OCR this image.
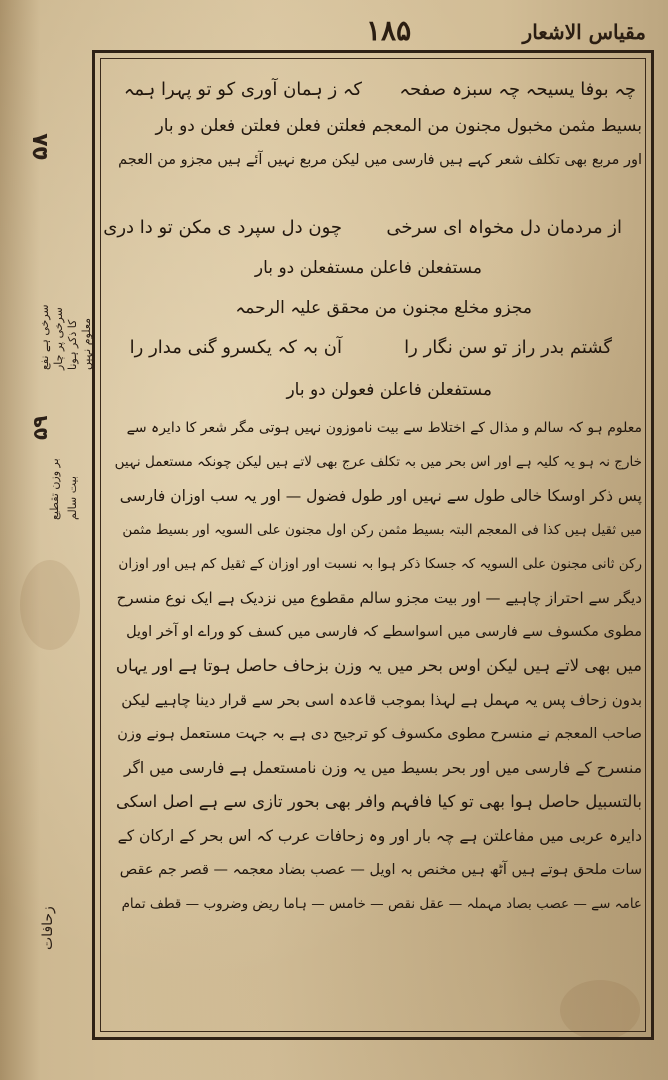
۱۸۵	مقیاس الاشعار
۵۸
سرخی ہے نفع سرخی پر چار کا ذکر ہونا معلوم نہیں
۵۹
بر وزن تقطیع بیت سالم
چہ بوفا یسیحہ چہ سبزہ صفحہ
کہ ز ہمان آوری کو تو پہرا ہمہ
بسیط مثمن مخبول مجنون من المعجم فعلتن فعلن فعلتن فعلن دو بار
اور مربع بھی تکلف شعر کہے ہیں فارسی میں لیکن مربع نہیں آئے ہیں مجزو من العجم
از مردمان دل مخواہ ای سرخی
چون دل سپرد ی مکن تو دا دری
مستفعلن فاعلن مستفعلن دو بار
مجزو مخلع مجنون من محقق علیہ الرحمہ
گشتم بدر راز تو سن نگار را
آن بہ کہ یکسرو گنی مدار را
مستفعلن فاعلن فعولن دو بار
معلوم ہو کہ سالم و مذال کے اختلاط سے بیت ناموزون نہیں ہوتی مگر شعر کا دایرہ سے
خارج نہ ہو یہ کلیہ ہے اور اس بحر میں بہ تکلف عرج بھی لاتے ہیں لیکن چونکہ مستعمل نہیں
پس ذکر اوسکا خالی طول سے نہیں اور طول فضول — اور یہ سب اوزان فارسی
میں ثقیل ہیں کذا فی المعجم البتہ بسیط مثمن رکن اول مجنون علی السویہ اور بسیط مثمن
رکن ثانی مجنون علی السویہ کہ جسکا ذکر ہوا بہ نسبت اور اوزان کے ثقیل کم ہیں اور اوزان
دیگر سے احتراز چاہیے — اور بیت مجزو سالم مقطوع میں نزدیک ہے ایک نوع منسرح
مطوی مکسوف سے فارسی میں اسواسطے کہ فارسی میں کسف کو وراے او آخر اویل
میں بھی لاتے ہیں لیکن اوس بحر میں یہ وزن بزحاف حاصل ہوتا ہے اور یہاں
بدون زحاف پس یہ مہمل ہے لہذا بموجب قاعدہ اسی بحر سے قرار دینا چاہیے لیکن
صاحب المعجم نے منسرح مطوی مکسوف کو ترجیح دی ہے بہ جہت مستعمل ہونے وزن
منسرح کے فارسی میں اور بحر بسیط میں یہ وزن نامستعمل ہے فارسی میں اگر
بالتسبیل حاصل ہوا بھی تو کیا فافہم وافر بھی بحور تازی سے ہے اصل اسکی
دایرہ عربی میں مفاعلتن ہے چہ بار اور وہ زحافات عرب کہ اس بحر کے ارکان کے
سات ملحق ہوتے ہیں آٹھ ہیں مخنص بہ اویل — عصب بضاد معجمہ — قصر جم عقص
عامہ سے — عصب بصاد مہملہ — عقل نقص — خامس — ہاما ریض وضروب — قطف تمام
زحافات
